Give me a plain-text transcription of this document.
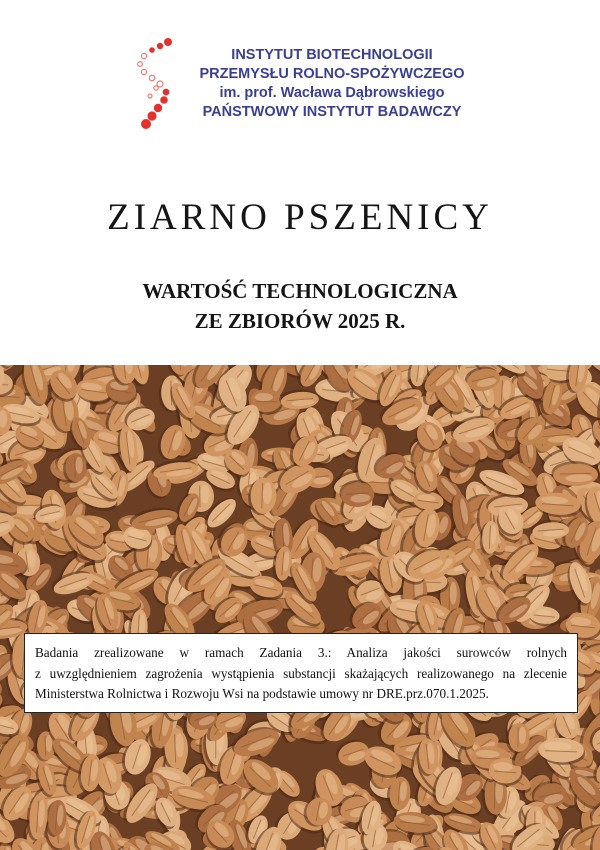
INSTYTUT BIOTECHNOLOGII
PRZEMYSŁU ROLNO-SPOŻYWCZEGO
im. prof. Wacława Dąbrowskiego
PAŃSTWOWY INSTYTUT BADAWCZY
ZIARNO PSZENICY
WARTOŚĆ TECHNOLOGICZNA
ZE ZBIORÓW 2025 R.
Badania zrealizowane w ramach Zadania 3.: Analiza jakości surowców rolnych
z uwzględnieniem zagrożenia wystąpienia substancji skażających realizowanego na zlecenie
Ministerstwa Rolnictwa i Rozwoju Wsi na podstawie umowy nr DRE.prz.070.1.2025.
